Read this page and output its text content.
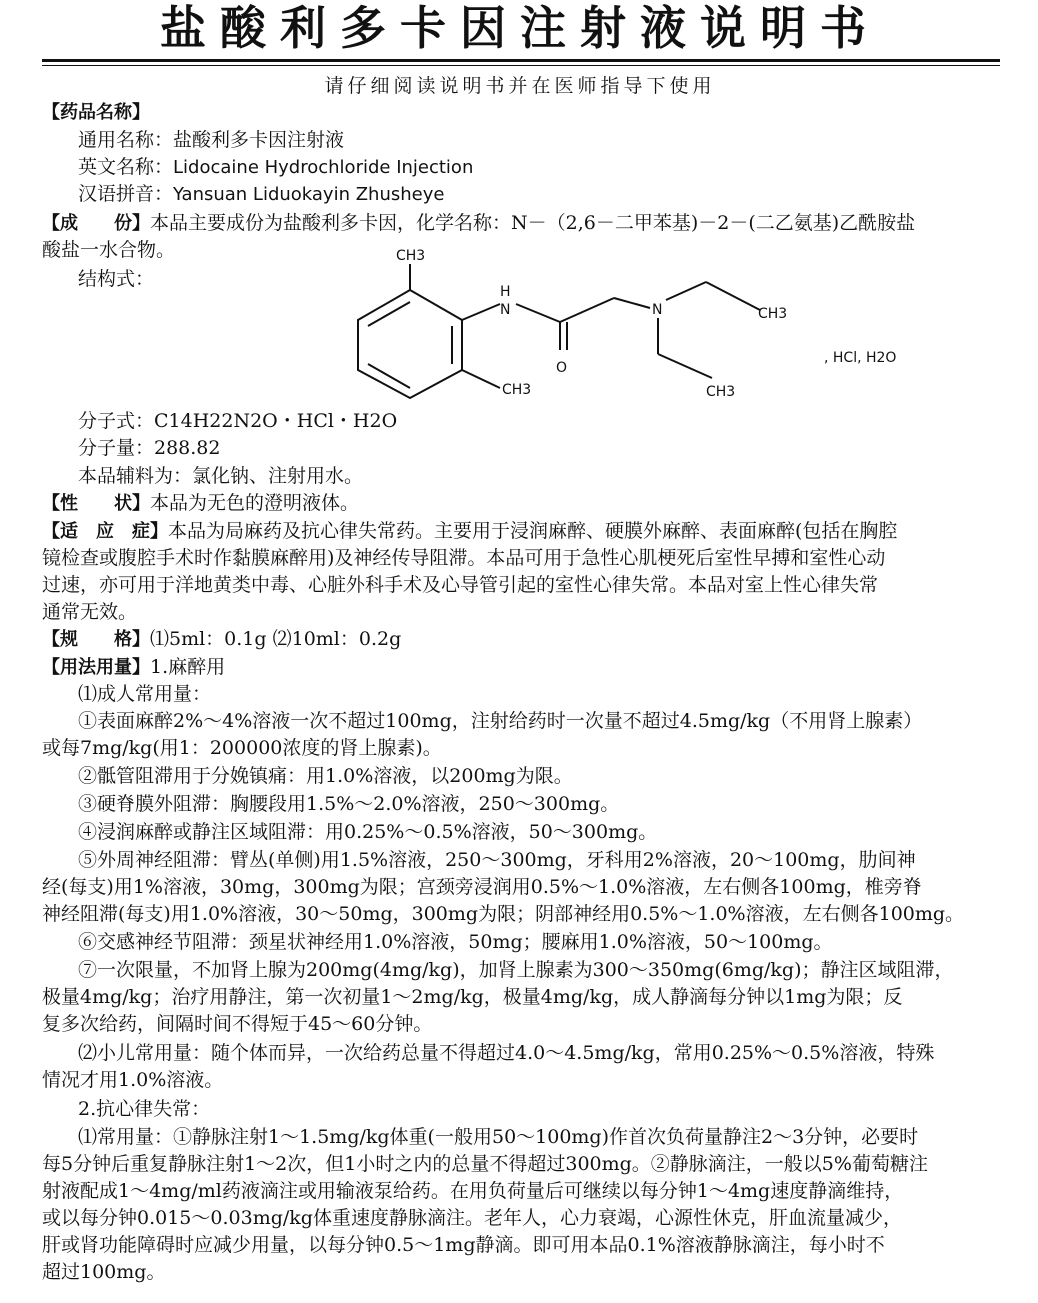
盐酸利多卡因注射液说明书
请仔细阅读说明书并在医师指导下使用
【药品名称】
通用名称：盐酸利多卡因注射液
英文名称：Lidocaine Hydrochloride Injection
汉语拼音：Yansuan Liduokayin Zhusheye
【成　　份】本品主要成份为盐酸利多卡因，化学名称：N－（2,6－二甲苯基)－2－(二乙氨基)乙酰胺盐
酸盐一水合物。
结构式：
CH3
H
N
O
N	CH3
CH3	CH3
, HCl, H2O
分子式：C14H22N2O・HCl・H2O
分子量：288.82
本品辅料为：氯化钠、注射用水。
【性　　状】本品为无色的澄明液体。
【适　应　症】本品为局麻药及抗心律失常药。主要用于浸润麻醉、硬膜外麻醉、表面麻醉(包括在胸腔
镜检查或腹腔手术时作黏膜麻醉用)及神经传导阻滞。本品可用于急性心肌梗死后室性早搏和室性心动
过速，亦可用于洋地黄类中毒、心脏外科手术及心导管引起的室性心律失常。本品对室上性心律失常
通常无效。
【规　　格】⑴5ml：0.1g ⑵10ml：0.2g
【用法用量】1.麻醉用
⑴成人常用量：
①表面麻醉2%～4%溶液一次不超过100mg，注射给药时一次量不超过4.5mg/kg（不用肾上腺素）
或每7mg/kg(用1：200000浓度的肾上腺素)。
②骶管阻滞用于分娩镇痛：用1.0%溶液，以200mg为限。
③硬脊膜外阻滞：胸腰段用1.5%～2.0%溶液，250～300mg。
④浸润麻醉或静注区域阻滞：用0.25%～0.5%溶液，50～300mg。
⑤外周神经阻滞：臂丛(单侧)用1.5%溶液，250～300mg，牙科用2%溶液，20～100mg，肋间神
经(每支)用1%溶液，30mg，300mg为限；宫颈旁浸润用0.5%～1.0%溶液，左右侧各100mg，椎旁脊
神经阻滞(每支)用1.0%溶液，30～50mg，300mg为限；阴部神经用0.5%～1.0%溶液，左右侧各100mg。
⑥交感神经节阻滞：颈星状神经用1.0%溶液，50mg；腰麻用1.0%溶液，50～100mg。
⑦一次限量，不加肾上腺为200mg(4mg/kg)，加肾上腺素为300～350mg(6mg/kg)；静注区域阻滞，
极量4mg/kg；治疗用静注，第一次初量1～2mg/kg，极量4mg/kg，成人静滴每分钟以1mg为限；反
复多次给药，间隔时间不得短于45～60分钟。
⑵小儿常用量：随个体而异，一次给药总量不得超过4.0～4.5mg/kg，常用0.25%～0.5%溶液，特殊
情况才用1.0%溶液。
2.抗心律失常：
⑴常用量：①静脉注射1～1.5mg/kg体重(一般用50～100mg)作首次负荷量静注2～3分钟，必要时
每5分钟后重复静脉注射1～2次，但1小时之内的总量不得超过300mg。②静脉滴注，一般以5%葡萄糖注
射液配成1～4mg/ml药液滴注或用输液泵给药。在用负荷量后可继续以每分钟1～4mg速度静滴维持，
或以每分钟0.015～0.03mg/kg体重速度静脉滴注。老年人，心力衰竭，心源性休克，肝血流量减少，
肝或肾功能障碍时应减少用量，以每分钟0.5～1mg静滴。即可用本品0.1%溶液静脉滴注，每小时不
超过100mg。
